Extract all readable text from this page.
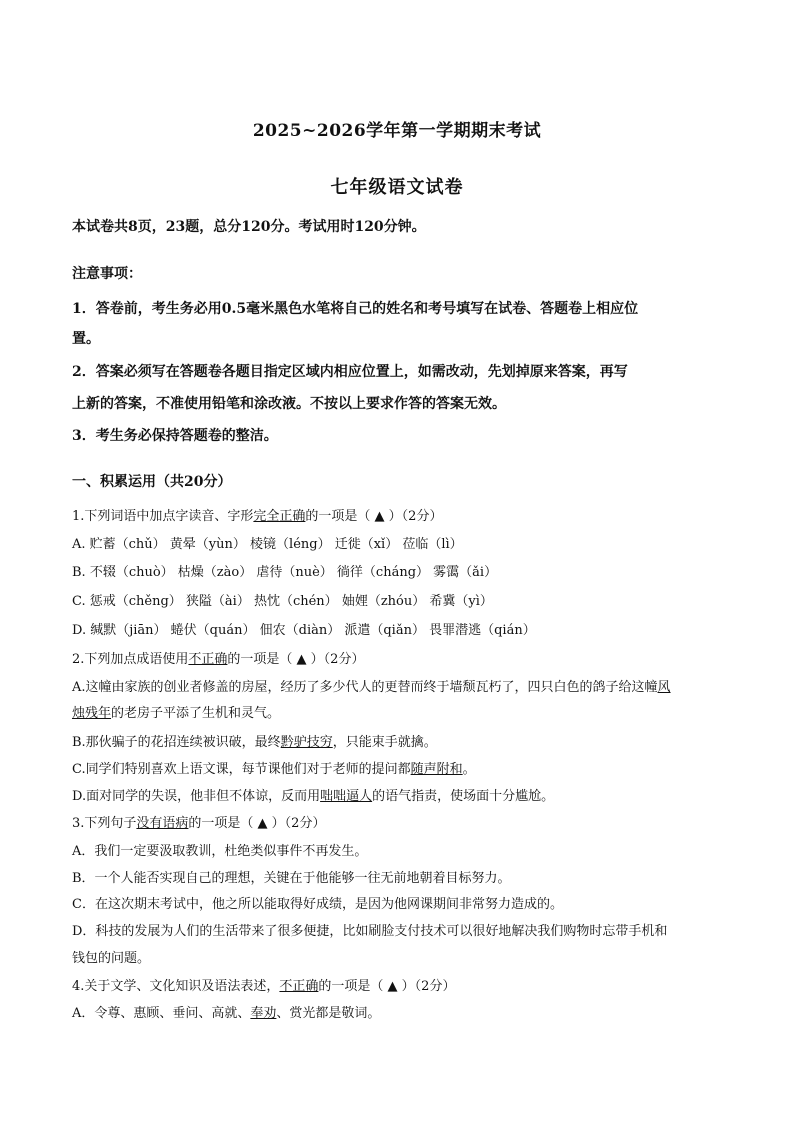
2025~2026学年第一学期期末考试
七年级语文试卷
本试卷共8页，23题，总分120分。考试用时120分钟。
注意事项：
1．答卷前，考生务必用0.5毫米黑色水笔将自己的姓名和考号填写在试卷、答题卷上相应位
置。
2．答案必须写在答题卷各题目指定区域内相应位置上，如需改动，先划掉原来答案，再写
上新的答案，不准使用铅笔和涂改液。不按以上要求作答的答案无效。
3．考生务必保持答题卷的整洁。
一、积累运用（共20分）
1.下列词语中加点字读音、字形完全正确的一项是（ ▲ ）（2分）
A. 贮蓄（chǔ） 黄晕（yùn） 棱镜（léng） 迁徙（xǐ） 莅临（lì）
B. 不辍（chuò） 枯燥（zào） 虐待（nuè） 徜徉（cháng） 雾霭（ǎi）
C. 惩戒（chěng） 狭隘（ài） 热忱（chén） 妯娌（zhóu） 希冀（yì）
D. 缄默（jiān） 蜷伏（quán） 佃农（diàn） 派遣（qiǎn） 畏罪潜逃（qián）
2.下列加点成语使用不正确的一项是（ ▲ ）（2分）
A.这幢由家族的创业者修盖的房屋，经历了多少代人的更替而终于墙颓瓦朽了，四只白色的鸽子给这幢风
烛残年的老房子平添了生机和灵气。
B.那伙骗子的花招连续被识破，最终黔驴技穷，只能束手就擒。
C.同学们特别喜欢上语文课，每节课他们对于老师的提问都随声附和。
D.面对同学的失误，他非但不体谅，反而用咄咄逼人的语气指责，使场面十分尴尬。
3.下列句子没有语病的一项是（ ▲ ）（2分）
A．我们一定要汲取教训，杜绝类似事件不再发生。
B．一个人能否实现自己的理想，关键在于他能够一往无前地朝着目标努力。
C．在这次期末考试中，他之所以能取得好成绩，是因为他网课期间非常努力造成的。
D．科技的发展为人们的生活带来了很多便捷，比如刷脸支付技术可以很好地解决我们购物时忘带手机和
钱包的问题。
4.关于文学、文化知识及语法表述，不正确的一项是（ ▲ ）（2分）
A．令尊、惠顾、垂问、高就、奉劝、赏光都是敬词。
